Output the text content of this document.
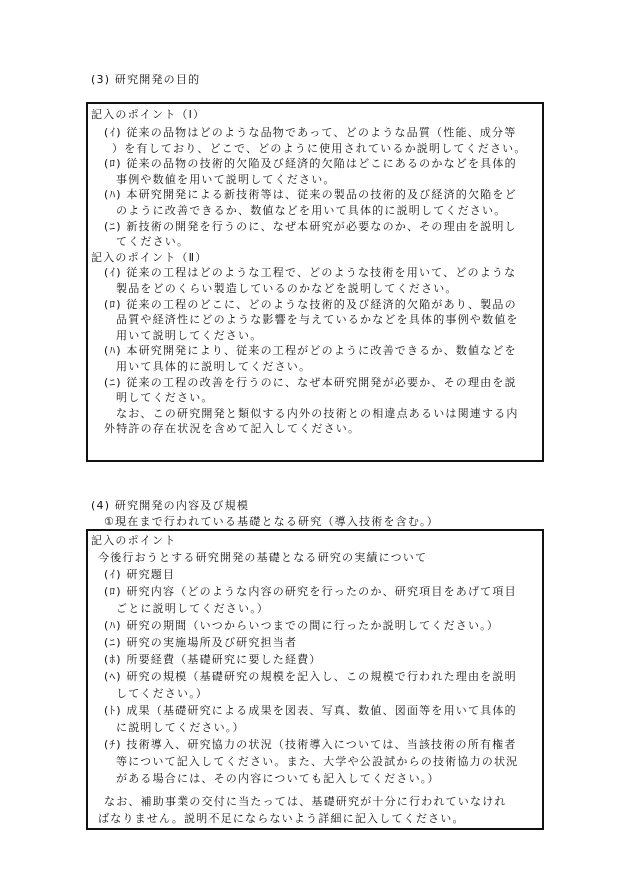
(3) 研究開発の目的
記入のポイント（Ⅰ）
(ｲ) 従来の品物はどのような品物であって、どのような品質（性能、成分等
）を有しており、どこで、どのように使用されているか説明してください。
(ﾛ) 従来の品物の技術的欠陥及び経済的欠陥はどこにあるのかなどを具体的
事例や数値を用いて説明してください。
(ﾊ) 本研究開発による新技術等は、従来の製品の技術的及び経済的欠陥をど
のように改善できるか、数値などを用いて具体的に説明してください。
(ﾆ) 新技術の開発を行うのに、なぜ本研究が必要なのか、その理由を説明し
てください。
記入のポイント（Ⅱ）
(ｲ) 従来の工程はどのような工程で、どのような技術を用いて、どのような
製品をどのくらい製造しているのかなどを説明してください。
(ﾛ) 従来の工程のどこに、どのような技術的及び経済的欠陥があり、製品の
品質や経済性にどのような影響を与えているかなどを具体的事例や数値を
用いて説明してください。
(ﾊ) 本研究開発により、従来の工程がどのように改善できるか、数値などを
用いて具体的に説明してください。
(ﾆ) 従来の工程の改善を行うのに、なぜ本研究開発が必要か、その理由を説
明してください。
なお、この研究開発と類似する内外の技術との相違点あるいは関連する内
外特許の存在状況を含めて記入してください。
(4) 研究開発の内容及び規模
①現在まで行われている基礎となる研究（導入技術を含む。）
記入のポイント
今後行おうとする研究開発の基礎となる研究の実績について
(ｲ) 研究題目
(ﾛ) 研究内容（どのような内容の研究を行ったのか、研究項目をあげて項目
ごとに説明してください。）
(ﾊ) 研究の期間（いつからいつまでの間に行ったか説明してください。）
(ﾆ) 研究の実施場所及び研究担当者
(ﾎ) 所要経費（基礎研究に要した経費）
(ﾍ) 研究の規模（基礎研究の規模を記入し、この規模で行われた理由を説明
してください。）
(ﾄ) 成果（基礎研究による成果を図表、写真、数値、図面等を用いて具体的
に説明してください。）
(ﾁ) 技術導入、研究協力の状況（技術導入については、当該技術の所有権者
等について記入してください。また、大学や公設試からの技術協力の状況
がある場合には、その内容についても記入してください。）
なお、補助事業の交付に当たっては、基礎研究が十分に行われていなけれ
ばなりません。説明不足にならないよう詳細に記入してください。
